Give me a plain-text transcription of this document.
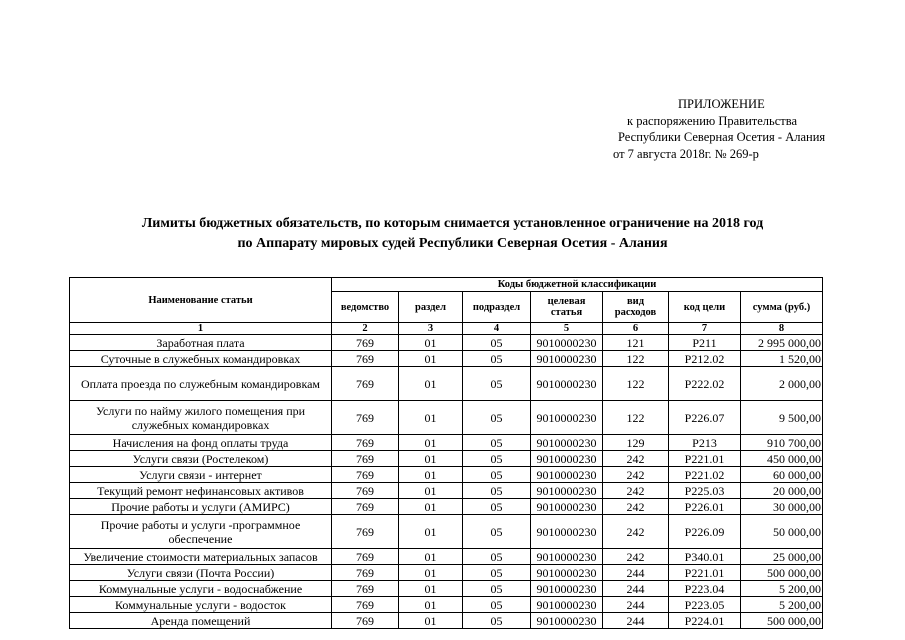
ПРИЛОЖЕНИЕ
к распоряжению Правительства
Республики Северная Осетия - Алания
от 7 августа 2018г. № 269-р
Лимиты бюджетных обязательств, по которым снимается установленное ограничение на 2018 год
по Аппарату мировых судей Республики Северная Осетия - Алания
Наименование статьи	Коды бюджетной классификации						
	ведомство	раздел	подраздел	целевая статья	вид расходов	код цели	сумма (руб.)
1	2	3	4	5	6	7	8
Заработная плата	769	01	05	9010000230	121	P211	2 995 000,00
Суточные в служебных командировках	769	01	05	9010000230	122	P212.02	1 520,00
Оплата проезда по служебным командировкам	769	01	05	9010000230	122	P222.02	2 000,00
Услуги по найму жилого помещения при служебных командировках	769	01	05	9010000230	122	P226.07	9 500,00
Начисления на фонд оплаты труда	769	01	05	9010000230	129	P213	910 700,00
Услуги связи (Ростелеком)	769	01	05	9010000230	242	P221.01	450 000,00
Услуги связи - интернет	769	01	05	9010000230	242	P221.02	60 000,00
Текущий ремонт нефинансовых активов	769	01	05	9010000230	242	P225.03	20 000,00
Прочие работы и услуги (АМИРС)	769	01	05	9010000230	242	P226.01	30 000,00
Прочие работы и услуги -программное обеспечение	769	01	05	9010000230	242	P226.09	50 000,00
Увеличение стоимости материальных запасов	769	01	05	9010000230	242	P340.01	25 000,00
Услуги связи (Почта России)	769	01	05	9010000230	244	P221.01	500 000,00
Коммунальные услуги - водоснабжение	769	01	05	9010000230	244	P223.04	5 200,00
Коммунальные услуги - водосток	769	01	05	9010000230	244	P223.05	5 200,00
Аренда помещений	769	01	05	9010000230	244	P224.01	500 000,00
